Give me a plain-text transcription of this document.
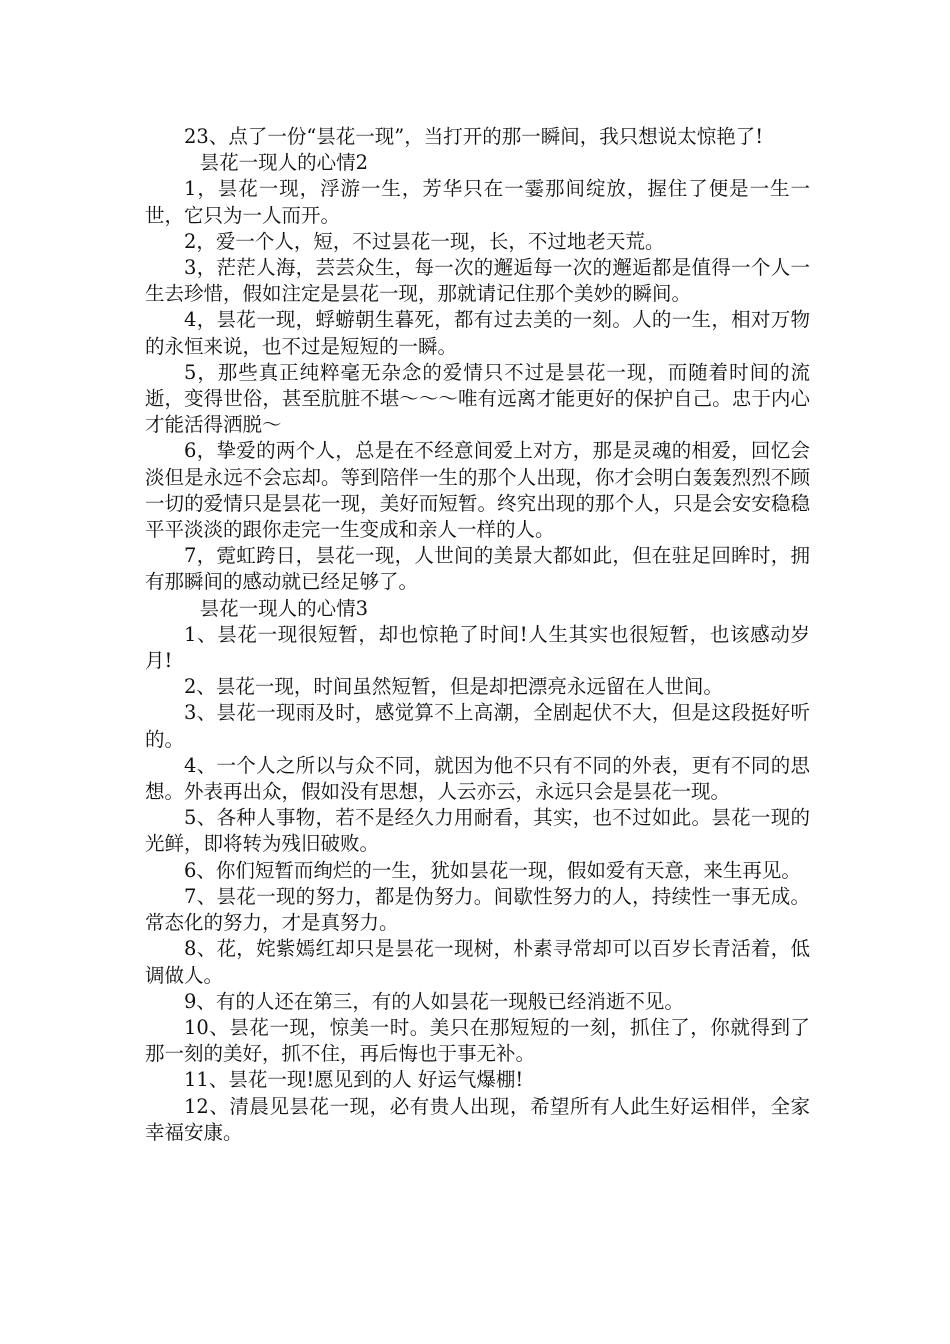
23、点了一份“昙花一现”，当打开的那一瞬间，我只想说太惊艳了!

昙花一现人的心情2

1，昙花一现，浮游一生，芳华只在一霎那间绽放，握住了便是一生一世，它只为一人而开。

2，爱一个人，短，不过昙花一现，长，不过地老天荒。

3，茫茫人海，芸芸众生，每一次的邂逅每一次的邂逅都是值得一个人一生去珍惜，假如注定是昙花一现，那就请记住那个美妙的瞬间。

4，昙花一现，蜉蝣朝生暮死，都有过去美的一刻。人的一生，相对万物的永恒来说，也不过是短短的一瞬。

5，那些真正纯粹毫无杂念的爱情只不过是昙花一现，而随着时间的流逝，变得世俗，甚至肮脏不堪～～～唯有远离才能更好的保护自己。忠于内心才能活得洒脱～

6，挚爱的两个人，总是在不经意间爱上对方，那是灵魂的相爱，回忆会淡但是永远不会忘却。等到陪伴一生的那个人出现，你才会明白轰轰烈烈不顾一切的爱情只是昙花一现，美好而短暂。终究出现的那个人，只是会安安稳稳平平淡淡的跟你走完一生变成和亲人一样的人。

7，霓虹跨日，昙花一现，人世间的美景大都如此，但在驻足回眸时，拥有那瞬间的感动就已经足够了。

昙花一现人的心情3

1、昙花一现很短暂，却也惊艳了时间!人生其实也很短暂，也该感动岁月!

2、昙花一现，时间虽然短暂，但是却把漂亮永远留在人世间。

3、昙花一现雨及时，感觉算不上高潮，全剧起伏不大，但是这段挺好听的。

4、一个人之所以与众不同，就因为他不只有不同的外表，更有不同的思想。外表再出众，假如没有思想，人云亦云，永远只会是昙花一现。

5、各种人事物，若不是经久力用耐看，其实，也不过如此。昙花一现的光鲜，即将转为残旧破败。

6、你们短暂而绚烂的一生，犹如昙花一现，假如爱有天意，来生再见。

7、昙花一现的努力，都是伪努力。间歇性努力的人，持续性一事无成。常态化的努力，才是真努力。

8、花，姹紫嫣红却只是昙花一现树，朴素寻常却可以百岁长青活着，低调做人。

9、有的人还在第三，有的人如昙花一现般已经消逝不见。

10、昙花一现，惊美一时。美只在那短短的一刻，抓住了，你就得到了那一刻的美好，抓不住，再后悔也于事无补。

11、昙花一现!愿见到的人 好运气爆棚!

12、清晨见昙花一现，必有贵人出现，希望所有人此生好运相伴，全家幸福安康。
